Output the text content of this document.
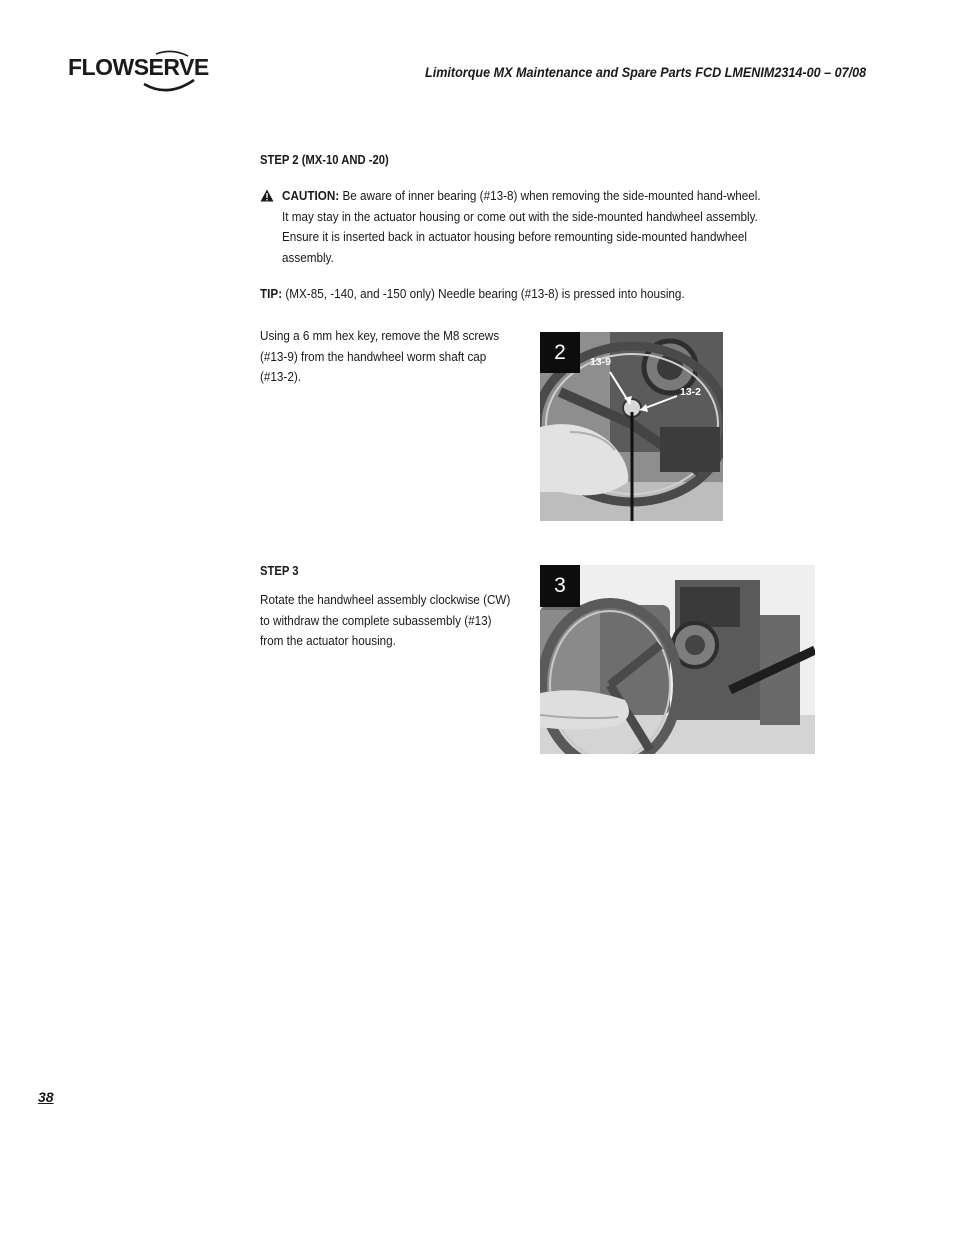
FLOWSERVE	Limitorque MX Maintenance and Spare Parts FCD LMENIM2314-00 – 07/08
STEP 2 (MX-10 AND -20)
CAUTION: Be aware of inner bearing (#13-8) when removing the side-mounted hand-wheel. It may stay in the actuator housing or come out with the side-mounted handwheel assembly. Ensure it is inserted back in actuator housing before remounting side-mounted handwheel assembly.
TIP: (MX-85, -140, and -150 only) Needle bearing (#13-8) is pressed into housing.
Using a 6 mm hex key, remove the M8 screws (#13-9) from the handwheel worm shaft cap (#13-2).
2	13-9
13-2
STEP 3
Rotate the handwheel assembly clockwise (CW) to withdraw the complete subassembly (#13) from the actuator housing.
3
38
